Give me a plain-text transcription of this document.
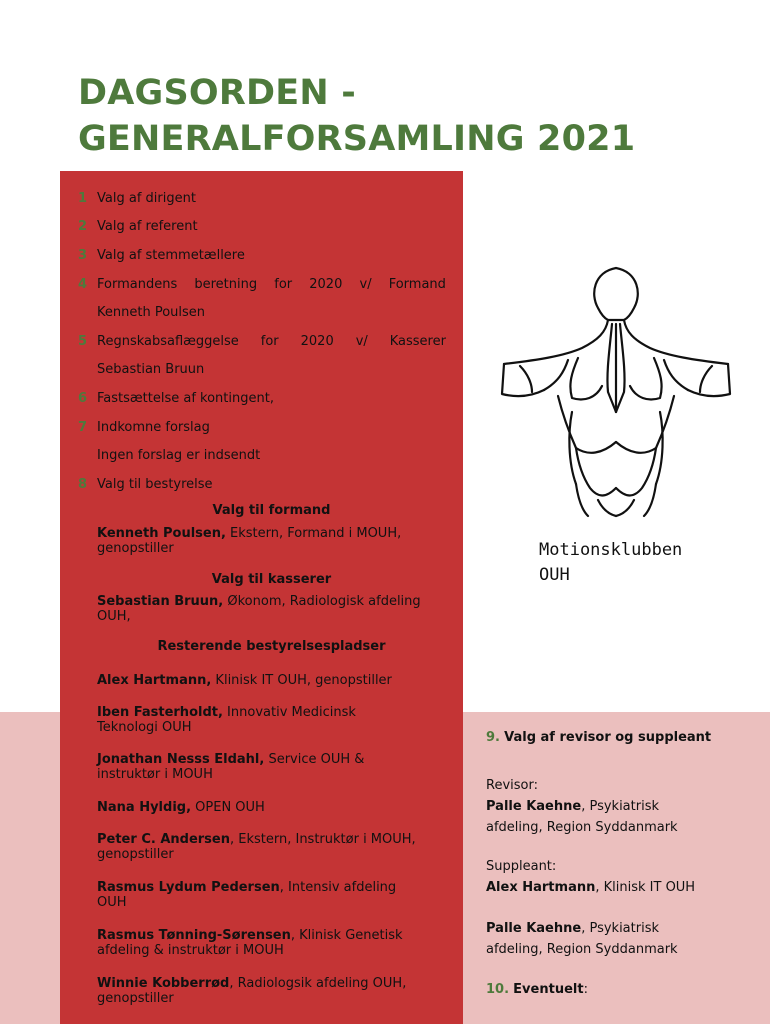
DAGSORDEN -
GENERALFORSAMLING 2021
1 Valg af dirigent
2 Valg af referent
3 Valg af stemmetællere
4 Formandens beretning for 2020 v/ Formand
Kenneth Poulsen
5 Regnskabsaflæggelse for 2020 v/ Kasserer
Sebastian Bruun
6 Fastsættelse af kontingent,
7 Indkomne forslag
Ingen forslag er indsendt
8 Valg til bestyrelse
Valg til formand
Kenneth Poulsen, Ekstern, Formand i MOUH,
genopstiller
Valg til kasserer
Sebastian Bruun, Økonom, Radiologisk afdeling
OUH,
Resterende bestyrelsespladser
Alex Hartmann, Klinisk IT OUH, genopstiller
Iben Fasterholdt, Innovativ Medicinsk
Teknologi OUH
Jonathan Nesss Eldahl, Service OUH &
instruktør i MOUH
Nana Hyldig, OPEN OUH
Peter C. Andersen, Ekstern, Instruktør i MOUH,
genopstiller
Rasmus Lydum Pedersen, Intensiv afdeling
OUH
Rasmus Tønning-Sørensen, Klinisk Genetisk
afdeling & instruktør i MOUH
Winnie Kobberrød, Radiologsik afdeling OUH,
genopstiller
Motionsklubben
OUH
9. Valg af revisor og suppleant
Revisor:
Palle Kaehne, Psykiatrisk
afdeling, Region Syddanmark
Suppleant:
Alex Hartmann, Klinisk IT OUH
Palle Kaehne, Psykiatrisk
afdeling, Region Syddanmark
10. Eventuelt:
